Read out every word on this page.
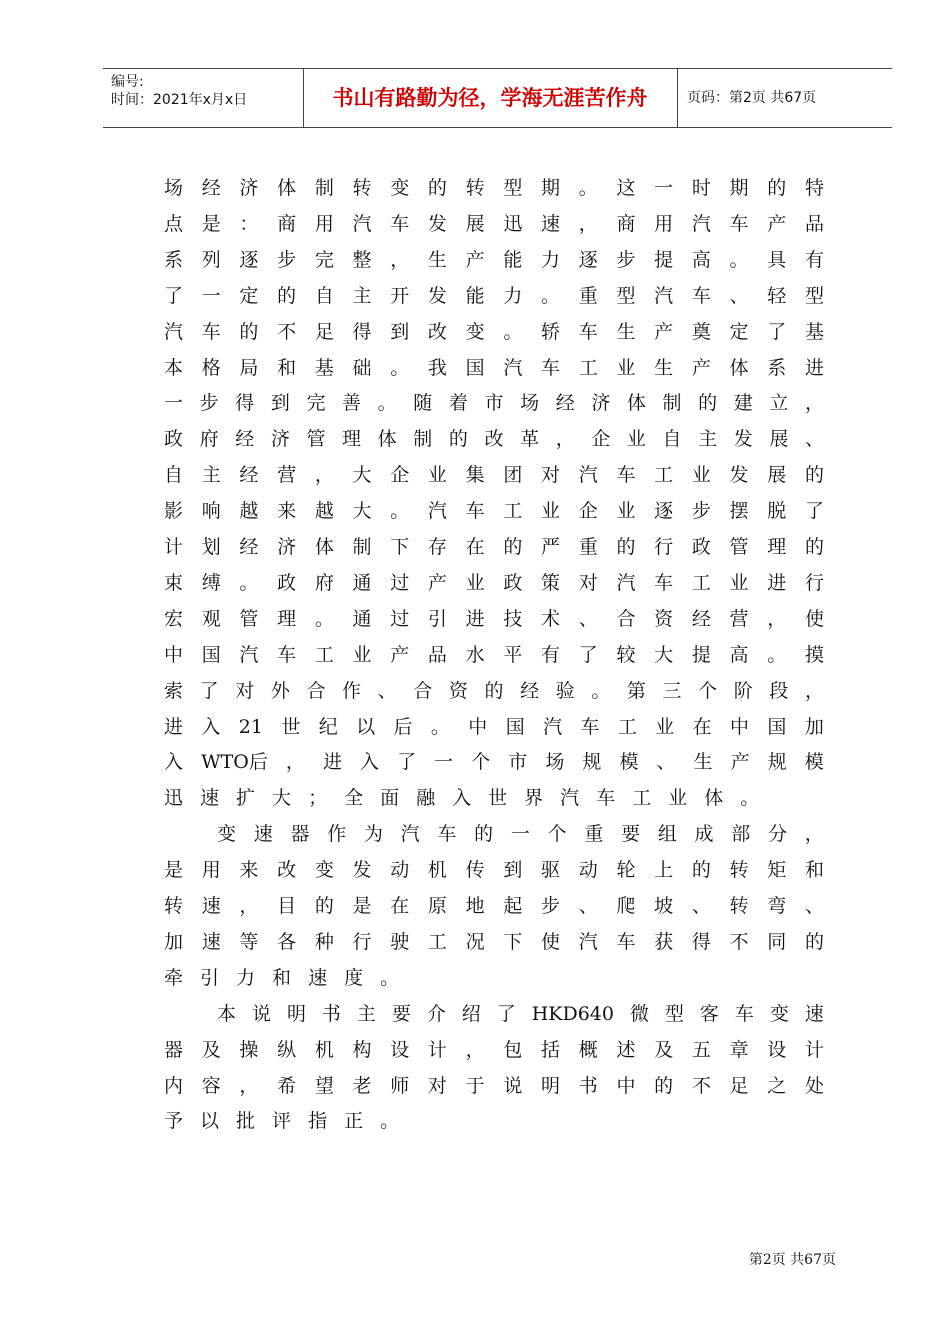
编号:
时间：2021年x月x日	书山有路勤为径，学海无涯苦作舟	页码：第2页 共67页
场 经 济 体 制 转 变 的 转 型 期 。 这 一 时 期 的 特
点 是 ： 商 用 汽 车 发 展 迅 速 ， 商 用 汽 车 产 品
系 列 逐 步 完 整 ， 生 产 能 力 逐 步 提 高 。 具 有
了 一 定 的 自 主 开 发 能 力 。 重 型 汽 车 、 轻 型
汽 车 的 不 足 得 到 改 变 。 轿 车 生 产 奠 定 了 基
本 格 局 和 基 础 。 我 国 汽 车 工 业 生 产 体 系 进
一 步 得 到 完 善 。 随 着 市 场 经 济 体 制 的 建 立 ，
政 府 经 济 管 理 体 制 的 改 革 ， 企 业 自 主 发 展 、
自 主 经 营 ， 大 企 业 集 团 对 汽 车 工 业 发 展 的
影 响 越 来 越 大 。 汽 车 工 业 企 业 逐 步 摆 脱 了
计 划 经 济 体 制 下 存 在 的 严 重 的 行 政 管 理 的
束 缚 。 政 府 通 过 产 业 政 策 对 汽 车 工 业 进 行
宏 观 管 理 。 通 过 引 进 技 术 、 合 资 经 营 ， 使
中 国 汽 车 工 业 产 品 水 平 有 了 较 大 提 高 。 摸
索 了 对 外 合 作 、 合 资 的 经 验 。 第 三 个 阶 段 ，
进 入 21 世 纪 以 后 。 中 国 汽 车 工 业 在 中 国 加
入 WTO后 ， 进 入 了 一 个 市 场 规 模 、 生 产 规 模
迅 速 扩 大 ； 全 面 融 入 世 界 汽 车 工 业 体 。
变 速 器 作 为 汽 车 的 一 个 重 要 组 成 部 分 ，
是 用 来 改 变 发 动 机 传 到 驱 动 轮 上 的 转 矩 和
转 速 ， 目 的 是 在 原 地 起 步 、 爬 坡 、 转 弯 、
加 速 等 各 种 行 驶 工 况 下 使 汽 车 获 得 不 同 的
牵 引 力 和 速 度 。
本 说 明 书 主 要 介 绍 了 HKD640 微 型 客 车 变 速
器 及 操 纵 机 构 设 计 ， 包 括 概 述 及 五 章 设 计
内 容 ， 希 望 老 师 对 于 说 明 书 中 的 不 足 之 处
予 以 批 评 指 正 。
第2页 共67页
